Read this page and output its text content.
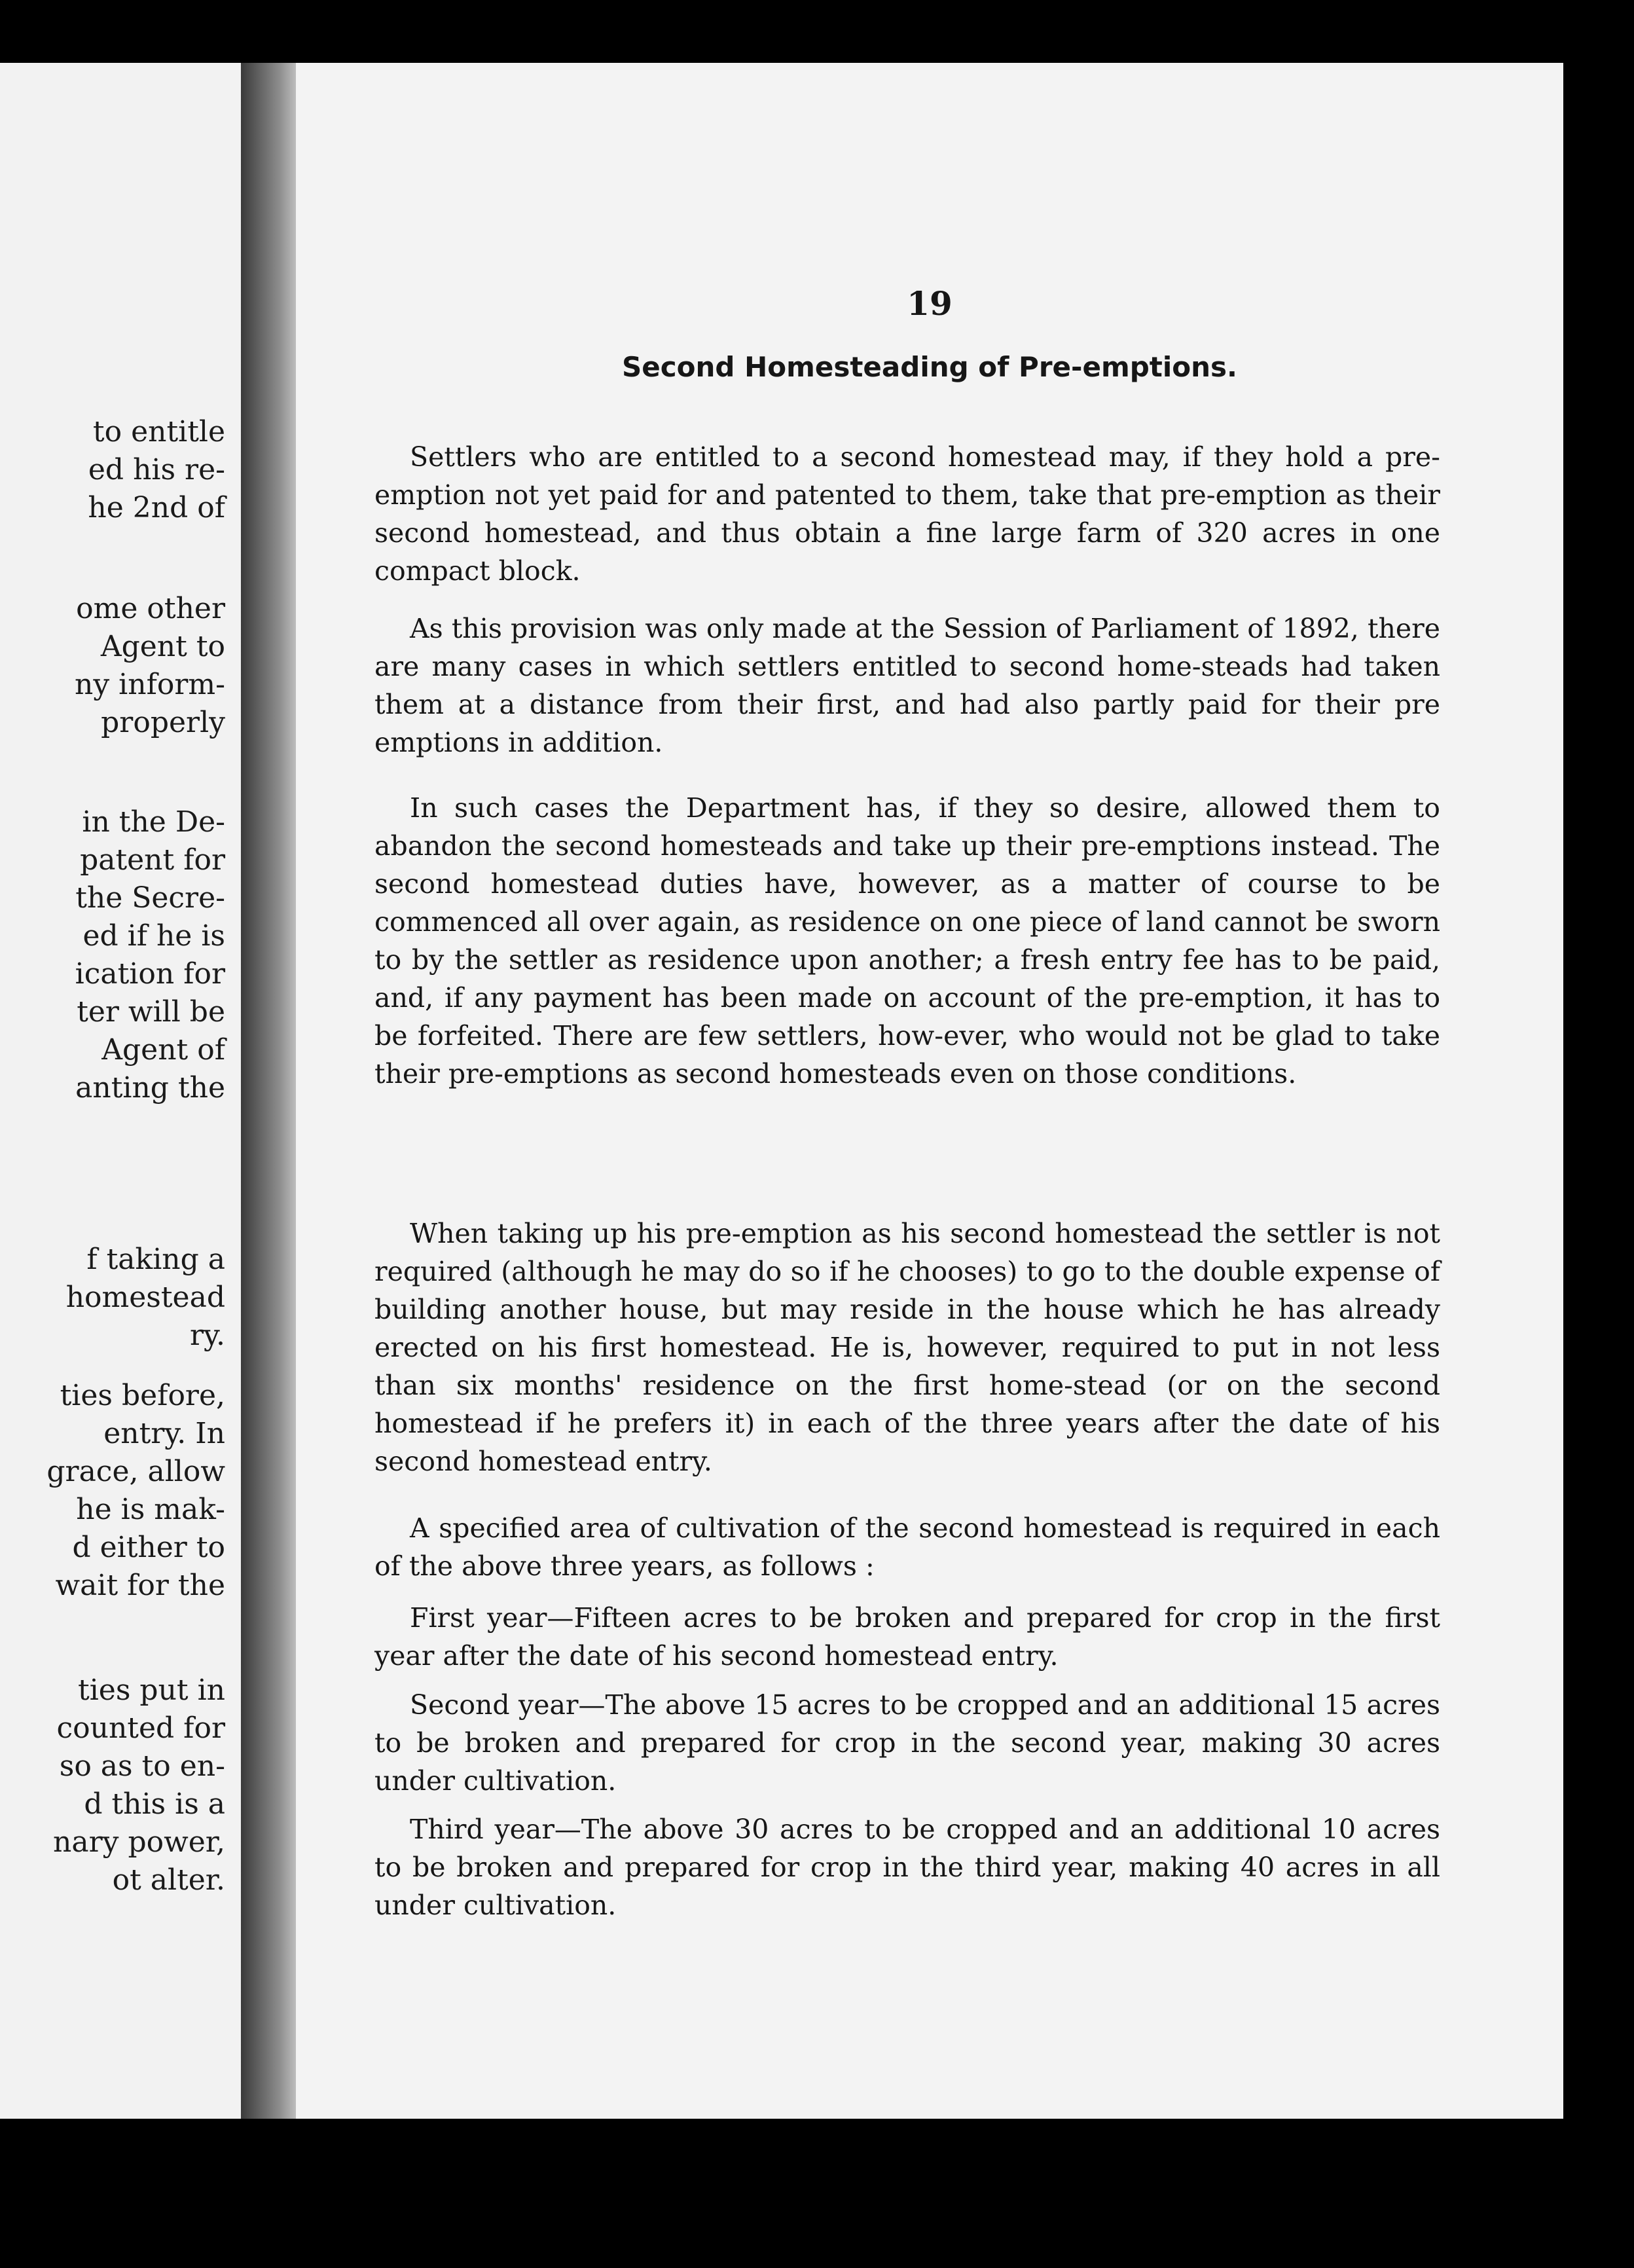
to entitle
ed his re-
he 2nd of
ome other
Agent to
ny inform-
properly
in the De-
patent for
the Secre-
ed if he is
ication for
ter will be
Agent of
anting the
f taking a
homestead
ry.
ties before,
entry. In
grace, allow
he is mak-
d either to
wait for the
ties put in
counted for
so as to en-
d this is a
nary power,
ot alter.
19
Second Homesteading of Pre-emptions.

Settlers who are entitled to a second homestead may, if they hold a pre-emption not yet paid for and patented to them, take that pre-emption as their second homestead, and thus obtain a fine large farm of 320 acres in one compact block.

As this provision was only made at the Session of Parliament of 1892, there are many cases in which settlers entitled to second home-steads had taken them at a distance from their first, and had also partly paid for their pre emptions in addition.

In such cases the Department has, if they so desire, allowed them to abandon the second homesteads and take up their pre-emptions instead. The second homestead duties have, however, as a matter of course to be commenced all over again, as residence on one piece of land cannot be sworn to by the settler as residence upon another; a fresh entry fee has to be paid, and, if any payment has been made on account of the pre-emption, it has to be forfeited. There are few settlers, how-ever, who would not be glad to take their pre-emptions as second homesteads even on those conditions.

When taking up his pre-emption as his second homestead the settler is not required (although he may do so if he chooses) to go to the double expense of building another house, but may reside in the house which he has already erected on his first homestead. He is, however, required to put in not less than six months' residence on the first home-stead (or on the second homestead if he prefers it) in each of the three years after the date of his second homestead entry.

A specified area of cultivation of the second homestead is required in each of the above three years, as follows :

First year—Fifteen acres to be broken and prepared for crop in the first year after the date of his second homestead entry.

Second year—The above 15 acres to be cropped and an additional 15 acres to be broken and prepared for crop in the second year, making 30 acres under cultivation.

Third year—The above 30 acres to be cropped and an additional 10 acres to be broken and prepared for crop in the third year, making 40 acres in all under cultivation.
